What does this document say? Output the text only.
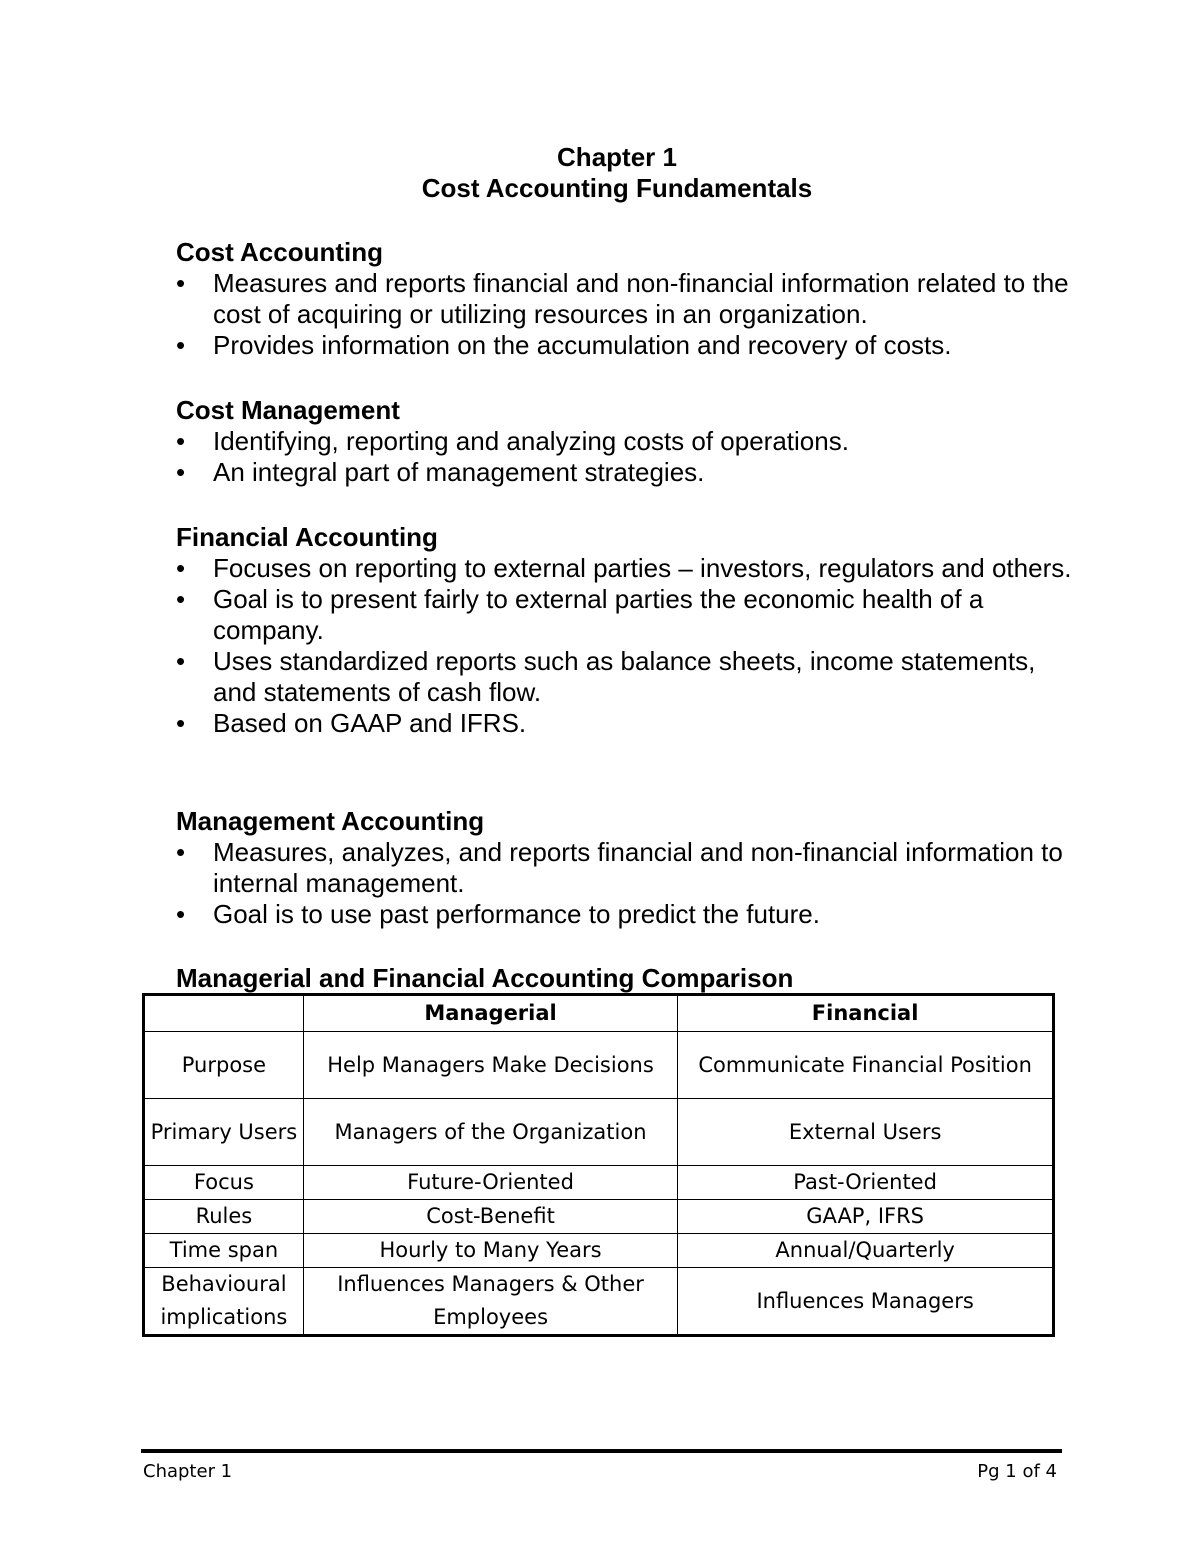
Chapter 1
Cost Accounting Fundamentals
Cost Accounting
• Measures and reports financial and non-financial information related to the cost of acquiring or utilizing resources in an organization.
• Provides information on the accumulation and recovery of costs.
Cost Management
• Identifying, reporting and analyzing costs of operations.
• An integral part of management strategies.
Financial Accounting
• Focuses on reporting to external parties – investors, regulators and others.
• Goal is to present fairly to external parties the economic health of a company.
• Uses standardized reports such as balance sheets, income statements, and statements of cash flow.
• Based on GAAP and IFRS.
Management Accounting
• Measures, analyzes, and reports financial and non-financial information to internal management.
• Goal is to use past performance to predict the future.
Managerial and Financial Accounting Comparison
	Managerial	Financial
Purpose	Help Managers Make Decisions	Communicate Financial Position
Primary Users	Managers of the Organization	External Users
Focus	Future-Oriented	Past-Oriented
Rules	Cost-Benefit	GAAP, IFRS
Time span	Hourly to Many Years	Annual/Quarterly
Behavioural implications	Influences Managers & Other Employees	Influences Managers
Chapter 1	Pg 1 of 4
